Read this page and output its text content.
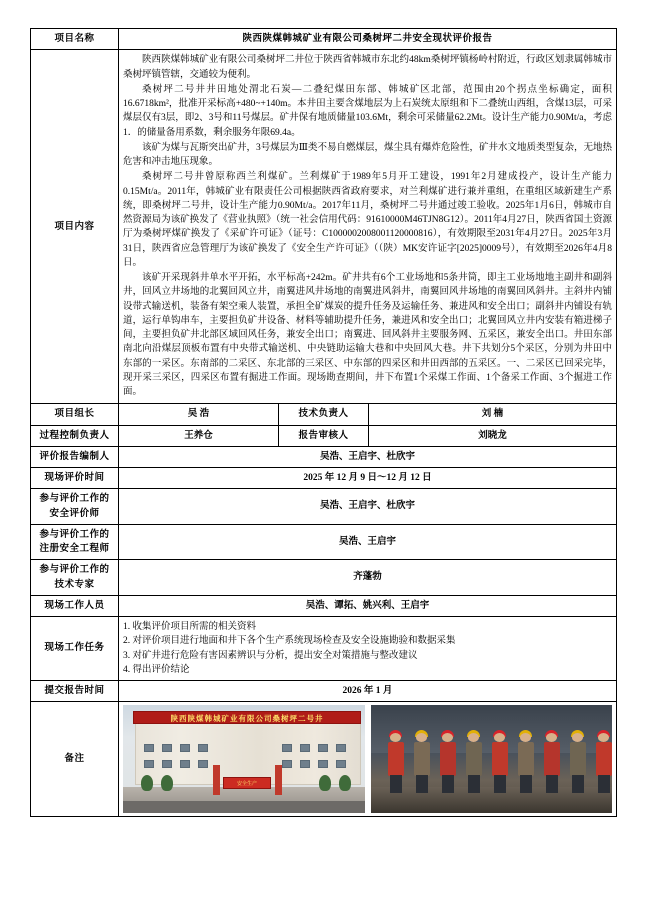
项目名称	陕西陕煤韩城矿业有限公司桑树坪二井安全现状评价报告		
项目内容	陕西陕煤韩城矿业有限公司桑树坪二井位于陕西省韩城市东北约48km桑树坪镇杨岭村附近，行政区划隶属韩城市桑树坪镇管辖，交通较为便利。

桑树坪二号井井田地处渭北石炭—二叠纪煤田东部、韩城矿区北部，范围由20个拐点坐标确定，面积16.6718km²，批准开采标高+480~+140m。本井田主要含煤地层为上石炭统太原组和下二叠统山西组，含煤13层，可采煤层仅有3层，即2、3号和11号煤层。矿井保有地质储量103.6Mt，剩余可采储量62.2Mt。设计生产能力0.90Mt/a，考虑1．的储量备用系数，剩余服务年限69.4a。

该矿为煤与瓦斯突出矿井，3号煤层为Ⅲ类不易自燃煤层，煤尘具有爆炸危险性，矿井水文地质类型复杂，无地热危害和冲击地压现象。

桑树坪二号井曾原称西兰利煤矿。兰利煤矿于1989年5月开工建设，1991年2月建成投产，设计生产能力0.15Mt/a。2011年，韩城矿业有限责任公司根据陕西省政府要求，对兰利煤矿进行兼并重组，在重组区域新建生产系统，即桑树坪二号井，设计生产能力0.90Mt/a。2017年11月，桑树坪二号井通过竣工验收。2025年1月6日，韩城市自然资源局为该矿换发了《营业执照》（统一社会信用代码：91610000M46TJN8G12）。2011年4月27日，陕西省国土资源厅为桑树坪煤矿换发了《采矿许可证》（证号：C1000002008001120000816），有效期限至2031年4月27日。2025年3月31日，陕西省应急管理厅为该矿换发了《安全生产许可证》（（陕）MK安许证字[2025]0009号），有效期至2026年4月8日。

该矿开采现斜井单水平开拓，水平标高+242m。矿井共有6个工业场地和5条井筒，即主工业场地地主副井和副斜井，回风立井场地的北翼回风立井，南翼进风井场地的南翼进风斜井，南翼回风井场地的南翼回风斜井。主斜井内铺设带式输送机，装备有架空乘人装置，承担全矿煤炭的提升任务及运输任务、兼进风和安全出口；副斜井内铺设有轨道，运行单钩串车，主要担负矿井设备、材料等辅助提升任务，兼进风和安全出口；北翼回风立井内安装有箱进梯子间，主要担负矿井北部区域回风任务，兼安全出口；南翼进、回风斜井主要服务网、五采区，兼安全出口。井田东部南北向沿煤层顶板布置有中央带式输送机、中央链助运输大巷和中央回风大巷。井下共划分5个采区，分别为井田中东部的一采区。东南部的二采区、东北部的三采区、中东部的四采区和井田西部的五采区。一、二采区已回采完毕，现开采三采区，四采区布置有掘进工作面。现场勘查期间，井下布置1个采煤工作面、1个备采工作面、3个掘进工作面。		

项目组长	吴 浩	技术负责人	刘 楠
过程控制负责人	王养仓	报告审核人	刘晓龙
评价报告编制人	吴浩、王启宇、杜欣宇		
现场评价时间	2025 年 12 月 9 日～12 月 12 日		
参与评价工作的安全评价师	吴浩、王启宇、杜欣宇		
参与评价工作的注册安全工程师	吴浩、王启宇		
参与评价工作的技术专家	齐蓬勃		
现场工作人员	吴浩、谭拓、姚兴利、王启宇		
现场工作任务	1. 收集评价项目所需的相关资料

2. 对评价项目进行地面和井下各个生产系统现场检查及安全设施勘验和数据采集

3. 对矿井进行危险有害因素辨识与分析，提出安全对策措施与整改建议

4. 得出评价结论		

提交报告时间	2026 年 1 月		
备注	陕西陕煤韩城矿业有限公司桑树坪二号井
安全生产		
